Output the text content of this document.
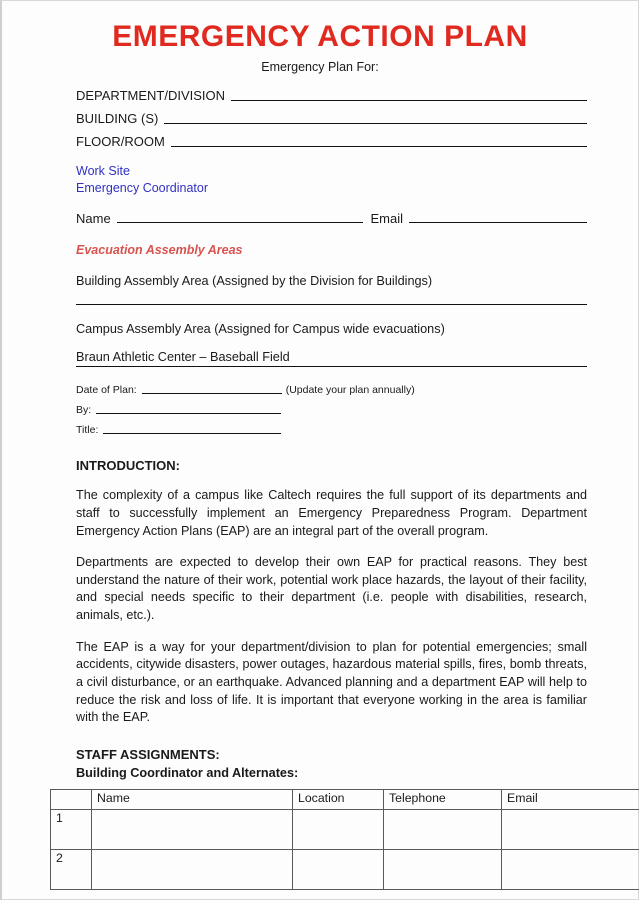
EMERGENCY ACTION PLAN
Emergency Plan For:
DEPARTMENT/DIVISION
BUILDING (S)
FLOOR/ROOM
Work Site
Emergency Coordinator
Name	Email
Evacuation Assembly Areas
Building Assembly Area (Assigned by the Division for Buildings)
Campus Assembly Area (Assigned for Campus wide evacuations)
Braun Athletic Center – Baseball Field
Date of Plan:	(Update your plan annually)
By:
Title:
INTRODUCTION:

The complexity of a campus like Caltech requires the full support of its departments and staff to successfully implement an Emergency Preparedness Program. Department Emergency Action Plans (EAP) are an integral part of the overall program.

Departments are expected to develop their own EAP for practical reasons. They best understand the nature of their work, potential work place hazards, the layout of their facility, and special needs specific to their department (i.e. people with disabilities, research, animals, etc.).

The EAP is a way for your department/division to plan for potential emergencies; small accidents, citywide disasters, power outages, hazardous material spills, fires, bomb threats, a civil disturbance, or an earthquake. Advanced planning and a department EAP will help to reduce the risk and loss of life. It is important that everyone working in the area is familiar with the EAP.

STAFF ASSIGNMENTS:
Building Coordinator and Alternates:
	Name	Location	Telephone	Email
1				
2				
